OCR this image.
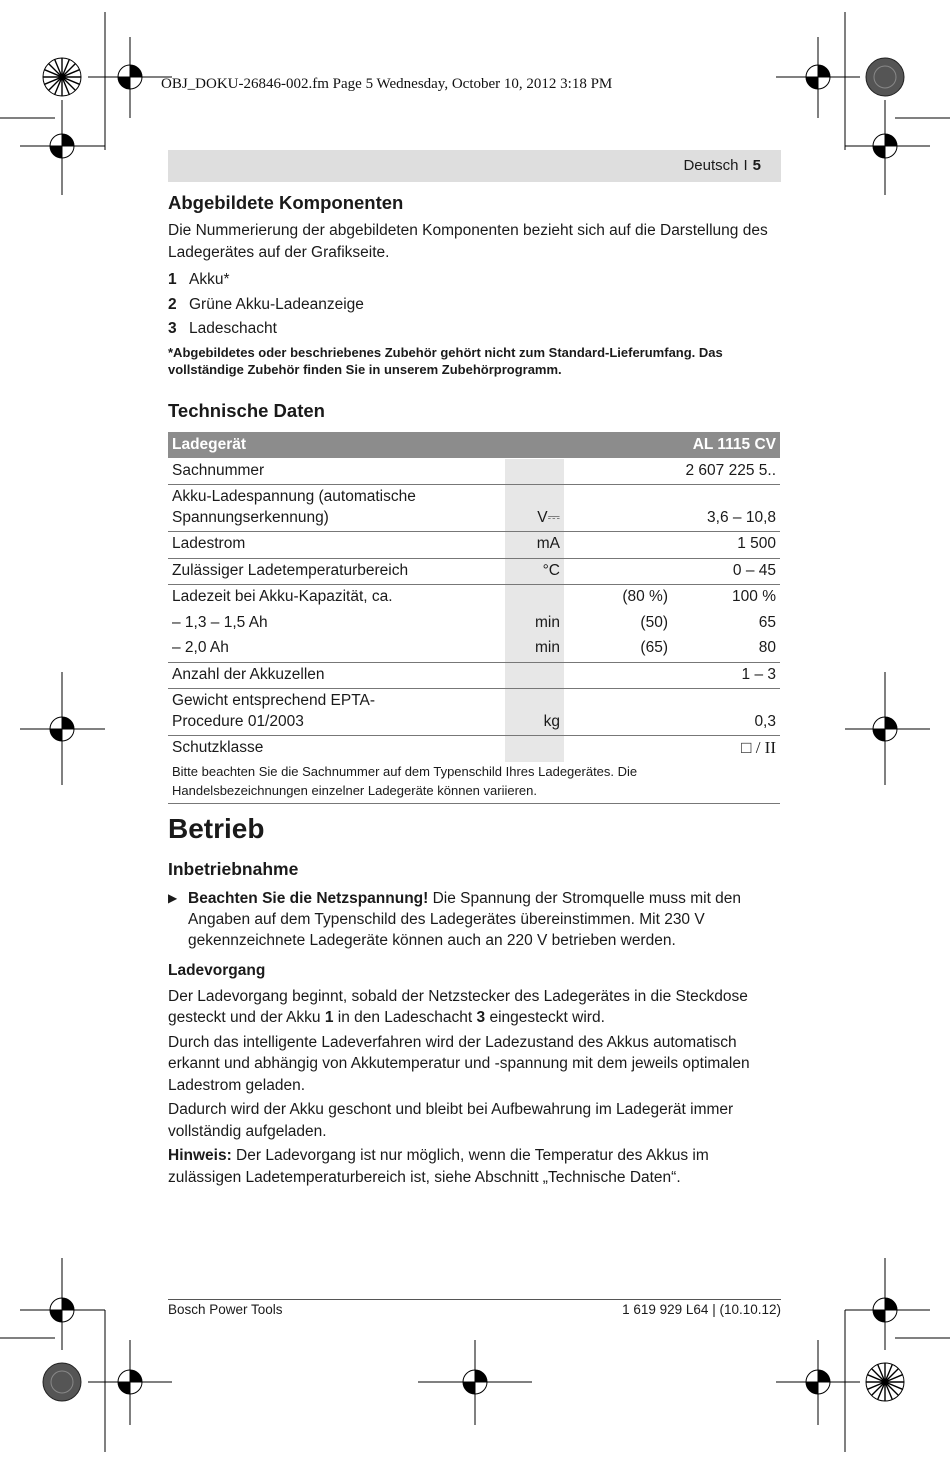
OBJ_DOKU-26846-002.fm Page 5 Wednesday, October 10, 2012 3:18 PM
Deutsch I 5
Abgebildete Komponenten

Die Nummerierung der abgebildeten Komponenten bezieht sich auf die Darstellung des Ladegerätes auf der Grafikseite.

1 Akku*
2 Grüne Akku-Ladeanzeige
3 Ladeschacht

*Abgebildetes oder beschriebenes Zubehör gehört nicht zum Standard-Lieferumfang. Das vollständige Zubehör finden Sie in unserem Zubehörprogramm.

Technische Daten
Ladegerät			AL 1115 CV
Sachnummer			2 607 225 5..
Akku-Ladespannung (automatische Spannungserkennung)	V⎓		3,6 – 10,8
Ladestrom	mA		1 500
Zulässiger Ladetemperaturbereich	°C		0 – 45
Ladezeit bei Akku-Kapazität, ca.		(80 %)	100 %
– 1,3 – 1,5 Ah	min	(50)	65
– 2,0 Ah	min	(65)	80
Anzahl der Akkuzellen			1 – 3
Gewicht entsprechend EPTA-Procedure 01/2003	kg		0,3
Schutzklasse			□ / II
Bitte beachten Sie die Sachnummer auf dem Typenschild Ihres Ladegerätes. Die Handelsbezeichnungen einzelner Ladegeräte können variieren.			
Betrieb
Inbetriebnahme
▶ Beachten Sie die Netzspannung! Die Spannung der Stromquelle muss mit den Angaben auf dem Typenschild des Ladegerätes übereinstimmen. Mit 230 V gekennzeichnete Ladegeräte können auch an 220 V betrieben werden.
Ladevorgang

Der Ladevorgang beginnt, sobald der Netzstecker des Ladegerätes in die Steckdose gesteckt und der Akku 1 in den Ladeschacht 3 eingesteckt wird.

Durch das intelligente Ladeverfahren wird der Ladezustand des Akkus automatisch erkannt und abhängig von Akkutemperatur und -spannung mit dem jeweils optimalen Ladestrom geladen.

Dadurch wird der Akku geschont und bleibt bei Aufbewahrung im Ladegerät immer vollständig aufgeladen.

Hinweis: Der Ladevorgang ist nur möglich, wenn die Temperatur des Akkus im zulässigen Ladetemperaturbereich ist, siehe Abschnitt „Technische Daten“.

Bosch Power Tools	1 619 929 L64 | (10.10.12)
